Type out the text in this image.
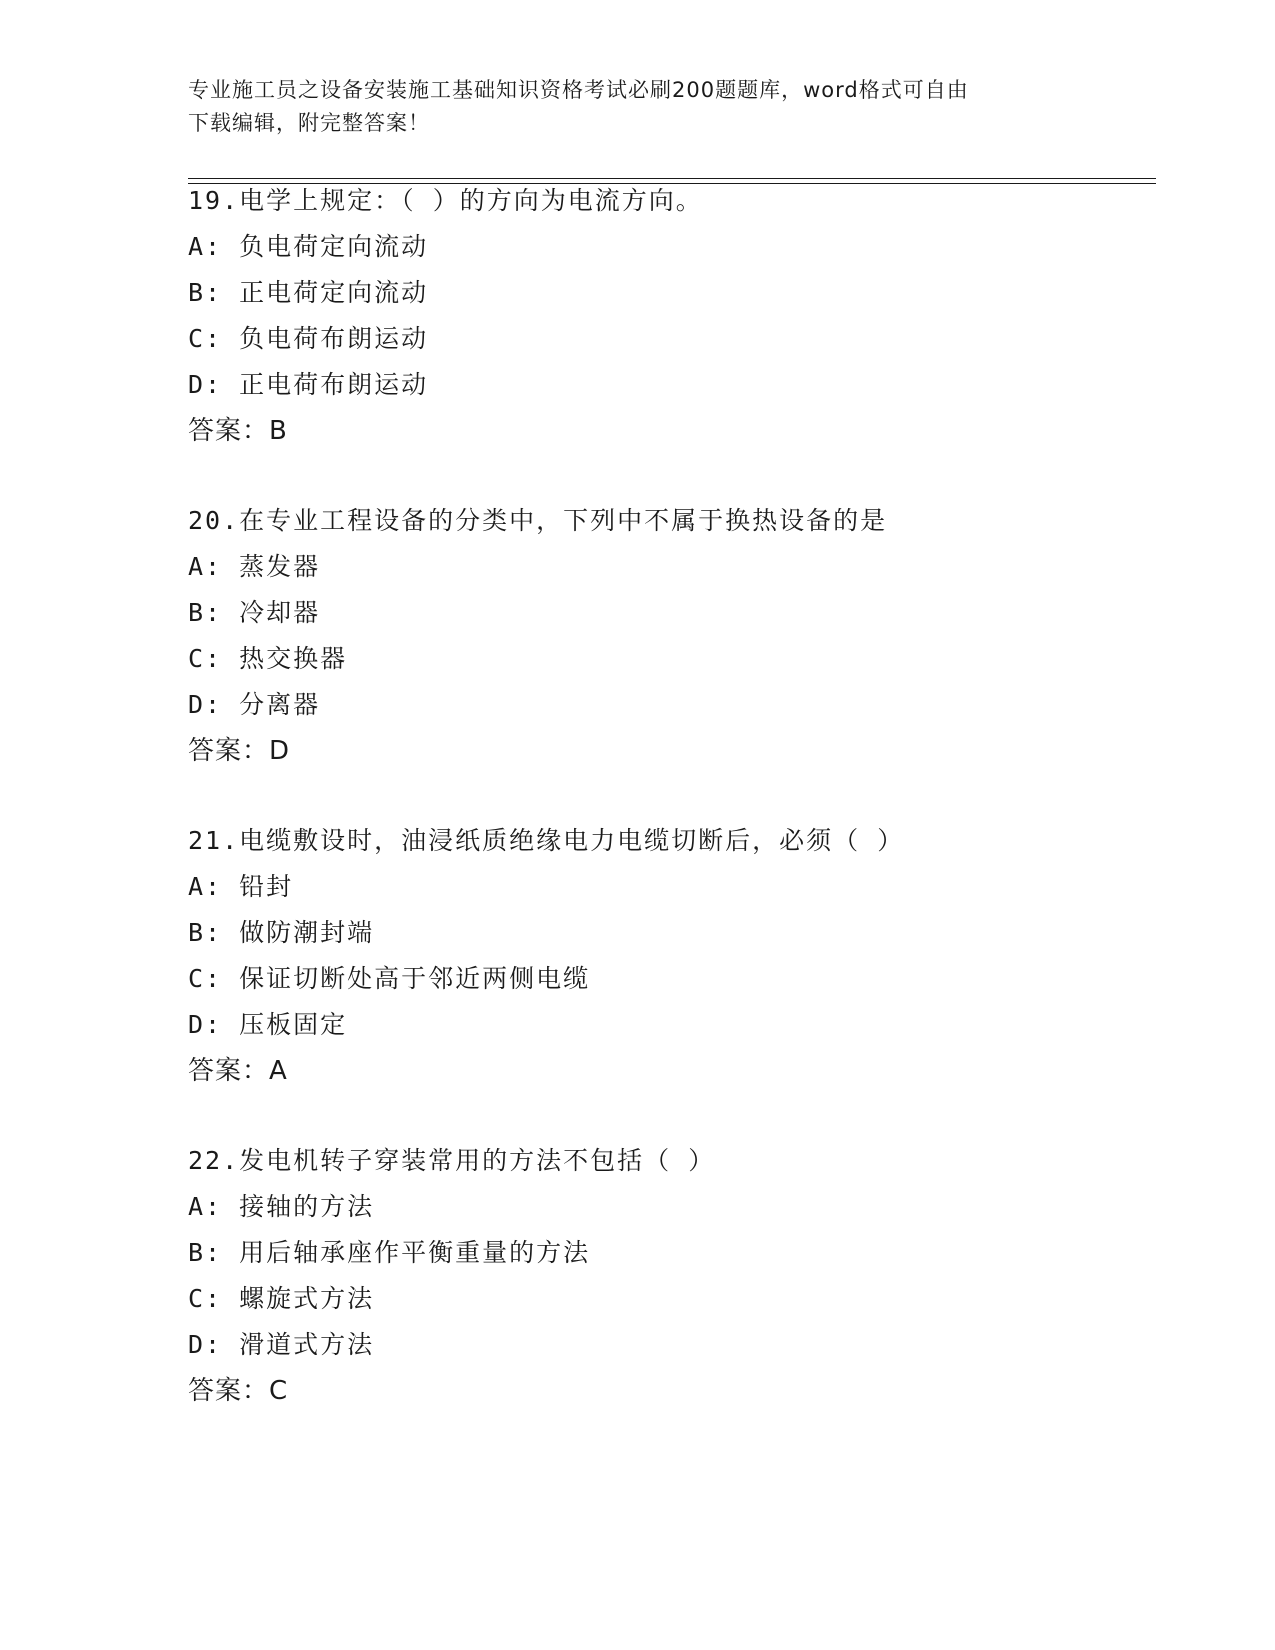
专业施工员之设备安装施工基础知识资格考试必刷200题题库，word格式可自由
下载编辑，附完整答案！
19.电学上规定：（ ）的方向为电流方向。
A: 负电荷定向流动
B: 正电荷定向流动
C: 负电荷布朗运动
D: 正电荷布朗运动
答案：B
20.在专业工程设备的分类中，下列中不属于换热设备的是
A: 蒸发器
B: 冷却器
C: 热交换器
D: 分离器
答案：D
21.电缆敷设时，油浸纸质绝缘电力电缆切断后，必须（ ）
A: 铅封
B: 做防潮封端
C: 保证切断处高于邻近两侧电缆
D: 压板固定
答案：A
22.发电机转子穿装常用的方法不包括（ ）
A: 接轴的方法
B: 用后轴承座作平衡重量的方法
C: 螺旋式方法
D: 滑道式方法
答案：C
